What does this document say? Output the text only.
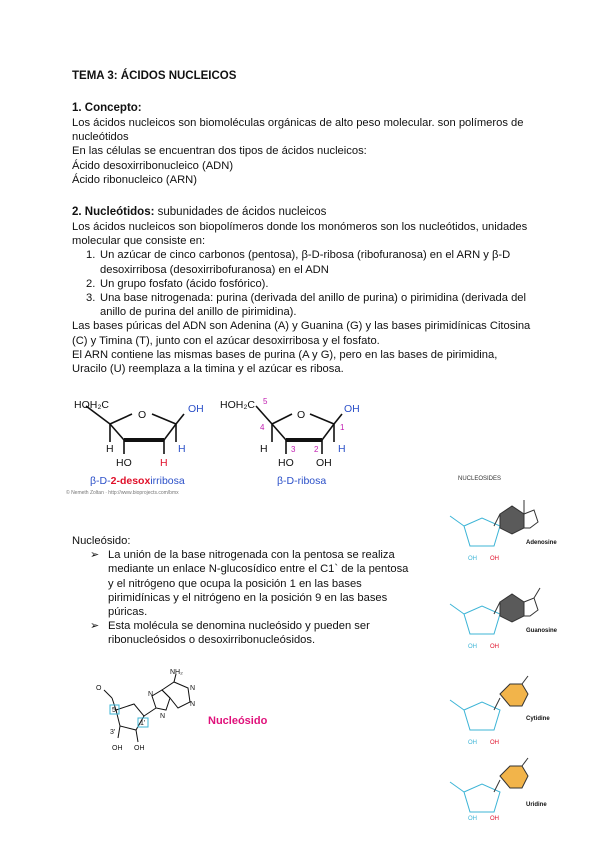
TEMA 3: ÁCIDOS NUCLEICOS
1. Concepto:

Los ácidos nucleicos son biomoléculas orgánicas de alto peso molecular. son polímeros de nucleótidos

En las células se encuentran dos tipos de ácidos nucleicos:

Ácido desoxirribonucleico (ADN)

Ácido ribonucleico (ARN)

2. Nucleótidos: subunidades de ácidos nucleicos

Los ácidos nucleicos son biopolímeros donde los monómeros son los nucleótidos, unidades molecular que consiste en:

1. Un azúcar de cinco carbonos (pentosa), β-D-ribosa (ribofuranosa) en el ARN y β-D desoxirribosa (desoxirribofuranosa) en el ADN
2. Un grupo fosfato (ácido fosfórico).
3. Una base nitrogenada: purina (derivada del anillo de purina) o pirimidina (derivada del anillo de purina del anillo de pirimidina).

Las bases púricas del ADN son Adenina (A) y Guanina (G) y las bases pirimidínicas Citosina (C) y Timina (T), junto con el azúcar desoxirribosa y el fosfato.

El ARN contiene las mismas bases de purina (A y G), pero en las bases de pirimidina, Uracilo (U) reemplaza a la timina y el azúcar es ribosa.

HOH₂C
O	OH
H	H
HO	H
β-D-2-desoxirribosa
© Nemeth Zoltan · http://www.bioprojects.com/bmx
HOH₂C 5
O
4	1
OH
H	3 2 H
HO OH
β-D-ribosa	NUCLEOSIDES
OH OH
Adenosine
OH OH
Guanosine
OH OH
Cytidine
OH OH
Uridine

Nucleósido:

➢ La unión de la base nitrogenada con la pentosa se realiza mediante un enlace N-glucosídico entre el C1` de la pentosa y el nitrógeno que ocupa la posición 1 en las bases pirimidínicas y el nitrógeno en la posición 9 en las bases púricas.
➢ Esta molécula se denomina nucleósido y pueden ser ribonucleósidos o desoxirribonucleósidos.
NH₂
O	N
N
N
N
5
1'
3'
OH OH
Nucleósido
